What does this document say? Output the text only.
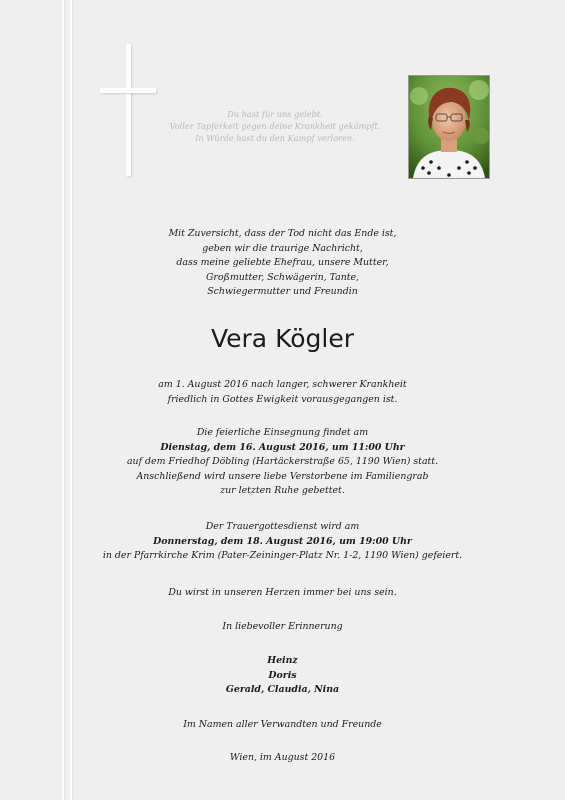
Du hast für uns gelebt.
Voller Tapferkeit gegen deine Krankheit gekämpft.
In Würde hast du den Kampf verloren.
Mit Zuversicht, dass der Tod nicht das Ende ist,
geben wir die traurige Nachricht,
dass meine geliebte Ehefrau, unsere Mutter,
Großmutter, Schwägerin, Tante,
Schwiegermutter und Freundin
Vera Kögler
am 1. August 2016 nach langer, schwerer Krankheit
friedlich in Gottes Ewigkeit vorausgegangen ist.
Die feierliche Einsegnung findet am
Dienstag, dem 16. August 2016, um 11:00 Uhr
auf dem Friedhof Döbling (Hartäckerstraße 65, 1190 Wien) statt.
Anschließend wird unsere liebe Verstorbene im Familiengrab
zur letzten Ruhe gebettet.
Der Trauergottesdienst wird am
Donnerstag, dem 18. August 2016, um 19:00 Uhr
in der Pfarrkirche Krim (Pater-Zeininger-Platz Nr. 1-2, 1190 Wien) gefeiert.
Du wirst in unseren Herzen immer bei uns sein.
In liebevoller Erinnerung
Heinz
Doris
Gerald, Claudia, Nina
Im Namen aller Verwandten und Freunde
Wien, im August 2016
